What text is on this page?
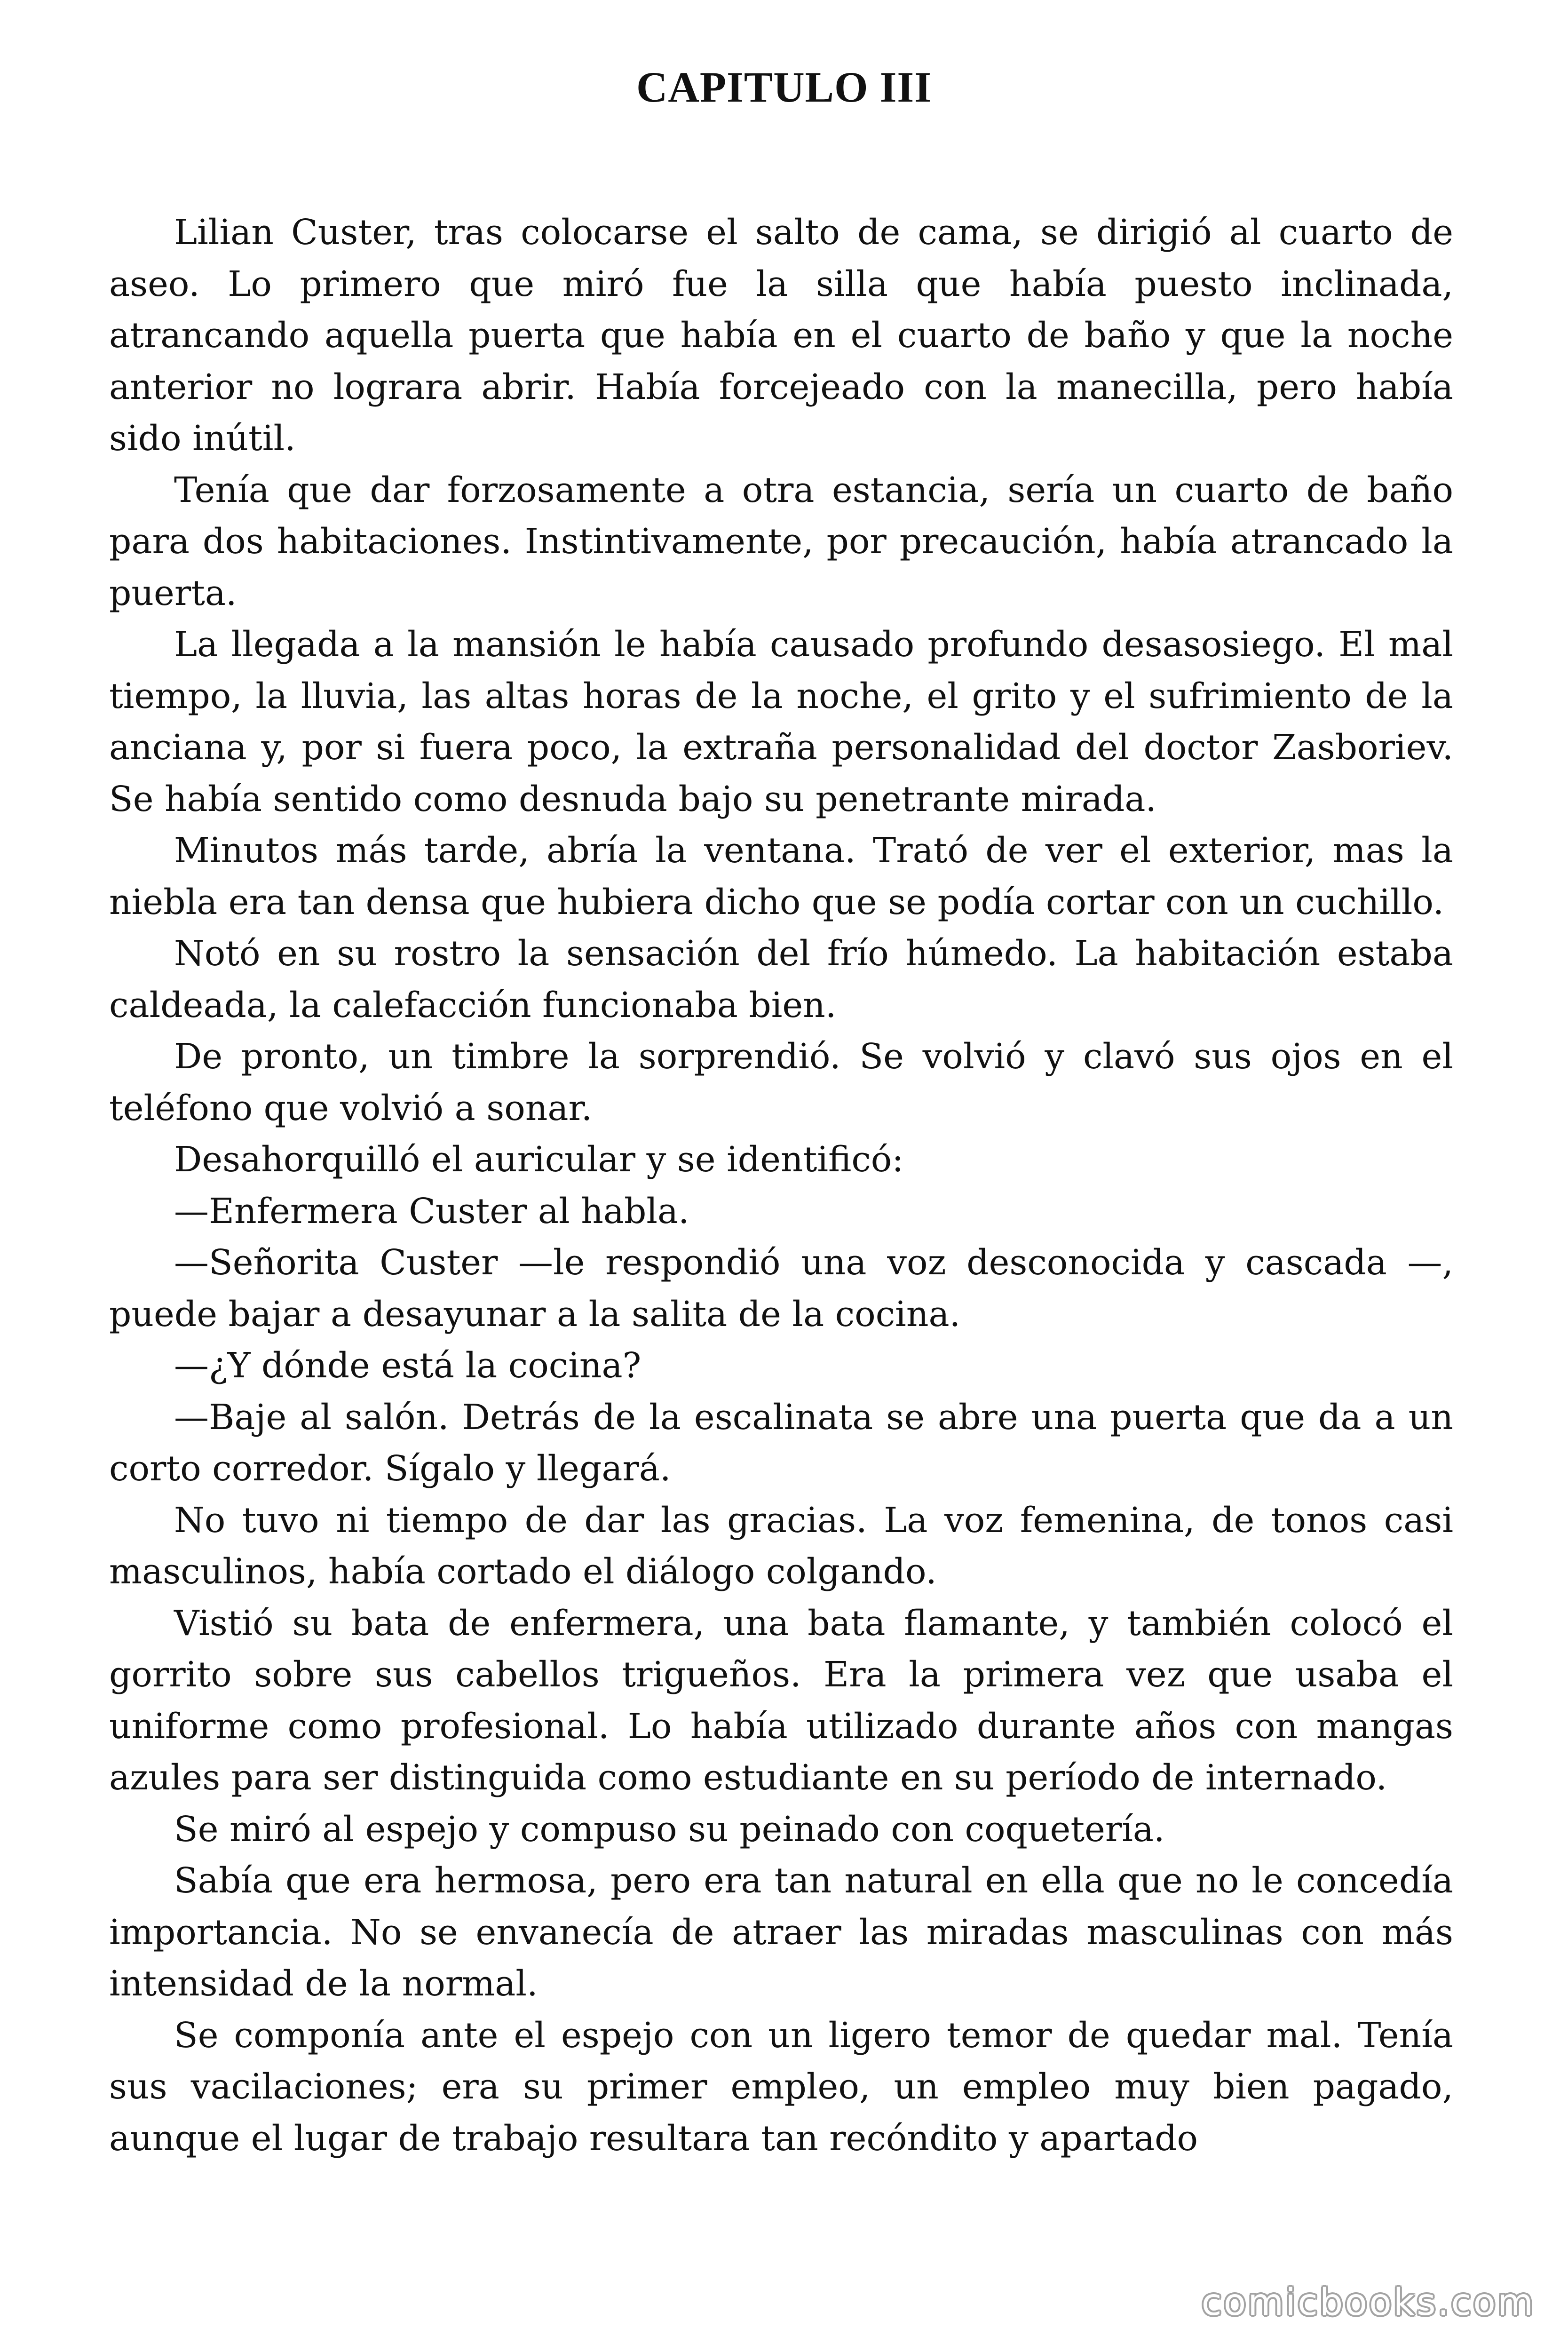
CAPITULO III

Lilian Custer, tras colocarse el salto de cama, se dirigió al cuarto de aseo. Lo primero que miró fue la silla que había puesto inclinada, atrancando aquella puerta que había en el cuarto de baño y que la noche anterior no lograra abrir. Había forcejeado con la manecilla, pero había sido inútil.

Tenía que dar forzosamente a otra estancia, sería un cuarto de baño para dos habitaciones. Instintivamente, por precaución, había atrancado la puerta.

La llegada a la mansión le había causado profundo desasosiego. El mal tiempo, la lluvia, las altas horas de la noche, el grito y el sufrimiento de la anciana y, por si fuera poco, la extraña personalidad del doctor Zasboriev. Se había sentido como desnuda bajo su penetrante mirada.

Minutos más tarde, abría la ventana. Trató de ver el exterior, mas la niebla era tan densa que hubiera dicho que se podía cortar con un cuchillo.

Notó en su rostro la sensación del frío húmedo. La habitación estaba caldeada, la calefacción funcionaba bien.

De pronto, un timbre la sorprendió. Se volvió y clavó sus ojos en el teléfono que volvió a sonar.

Desahorquilló el auricular y se identificó:

—Enfermera Custer al habla.

—Señorita Custer —le respondió una voz desconocida y cascada —, puede bajar a desayunar a la salita de la cocina.

—¿Y dónde está la cocina?

—Baje al salón. Detrás de la escalinata se abre una puerta que da a un corto corredor. Sígalo y llegará.

No tuvo ni tiempo de dar las gracias. La voz femenina, de tonos casi masculinos, había cortado el diálogo colgando.

Vistió su bata de enfermera, una bata flamante, y también colocó el gorrito sobre sus cabellos trigueños. Era la primera vez que usaba el uniforme como profesional. Lo había utilizado durante años con mangas azules para ser distinguida como estudiante en su período de internado.

Se miró al espejo y compuso su peinado con coquetería.

Sabía que era hermosa, pero era tan natural en ella que no le concedía importancia. No se envanecía de atraer las miradas masculinas con más intensidad de la normal.

Se componía ante el espejo con un ligero temor de quedar mal. Tenía sus vacilaciones; era su primer empleo, un empleo muy bien pagado, aunque el lugar de trabajo resultara tan recóndito y apartado

comicbooks.com
